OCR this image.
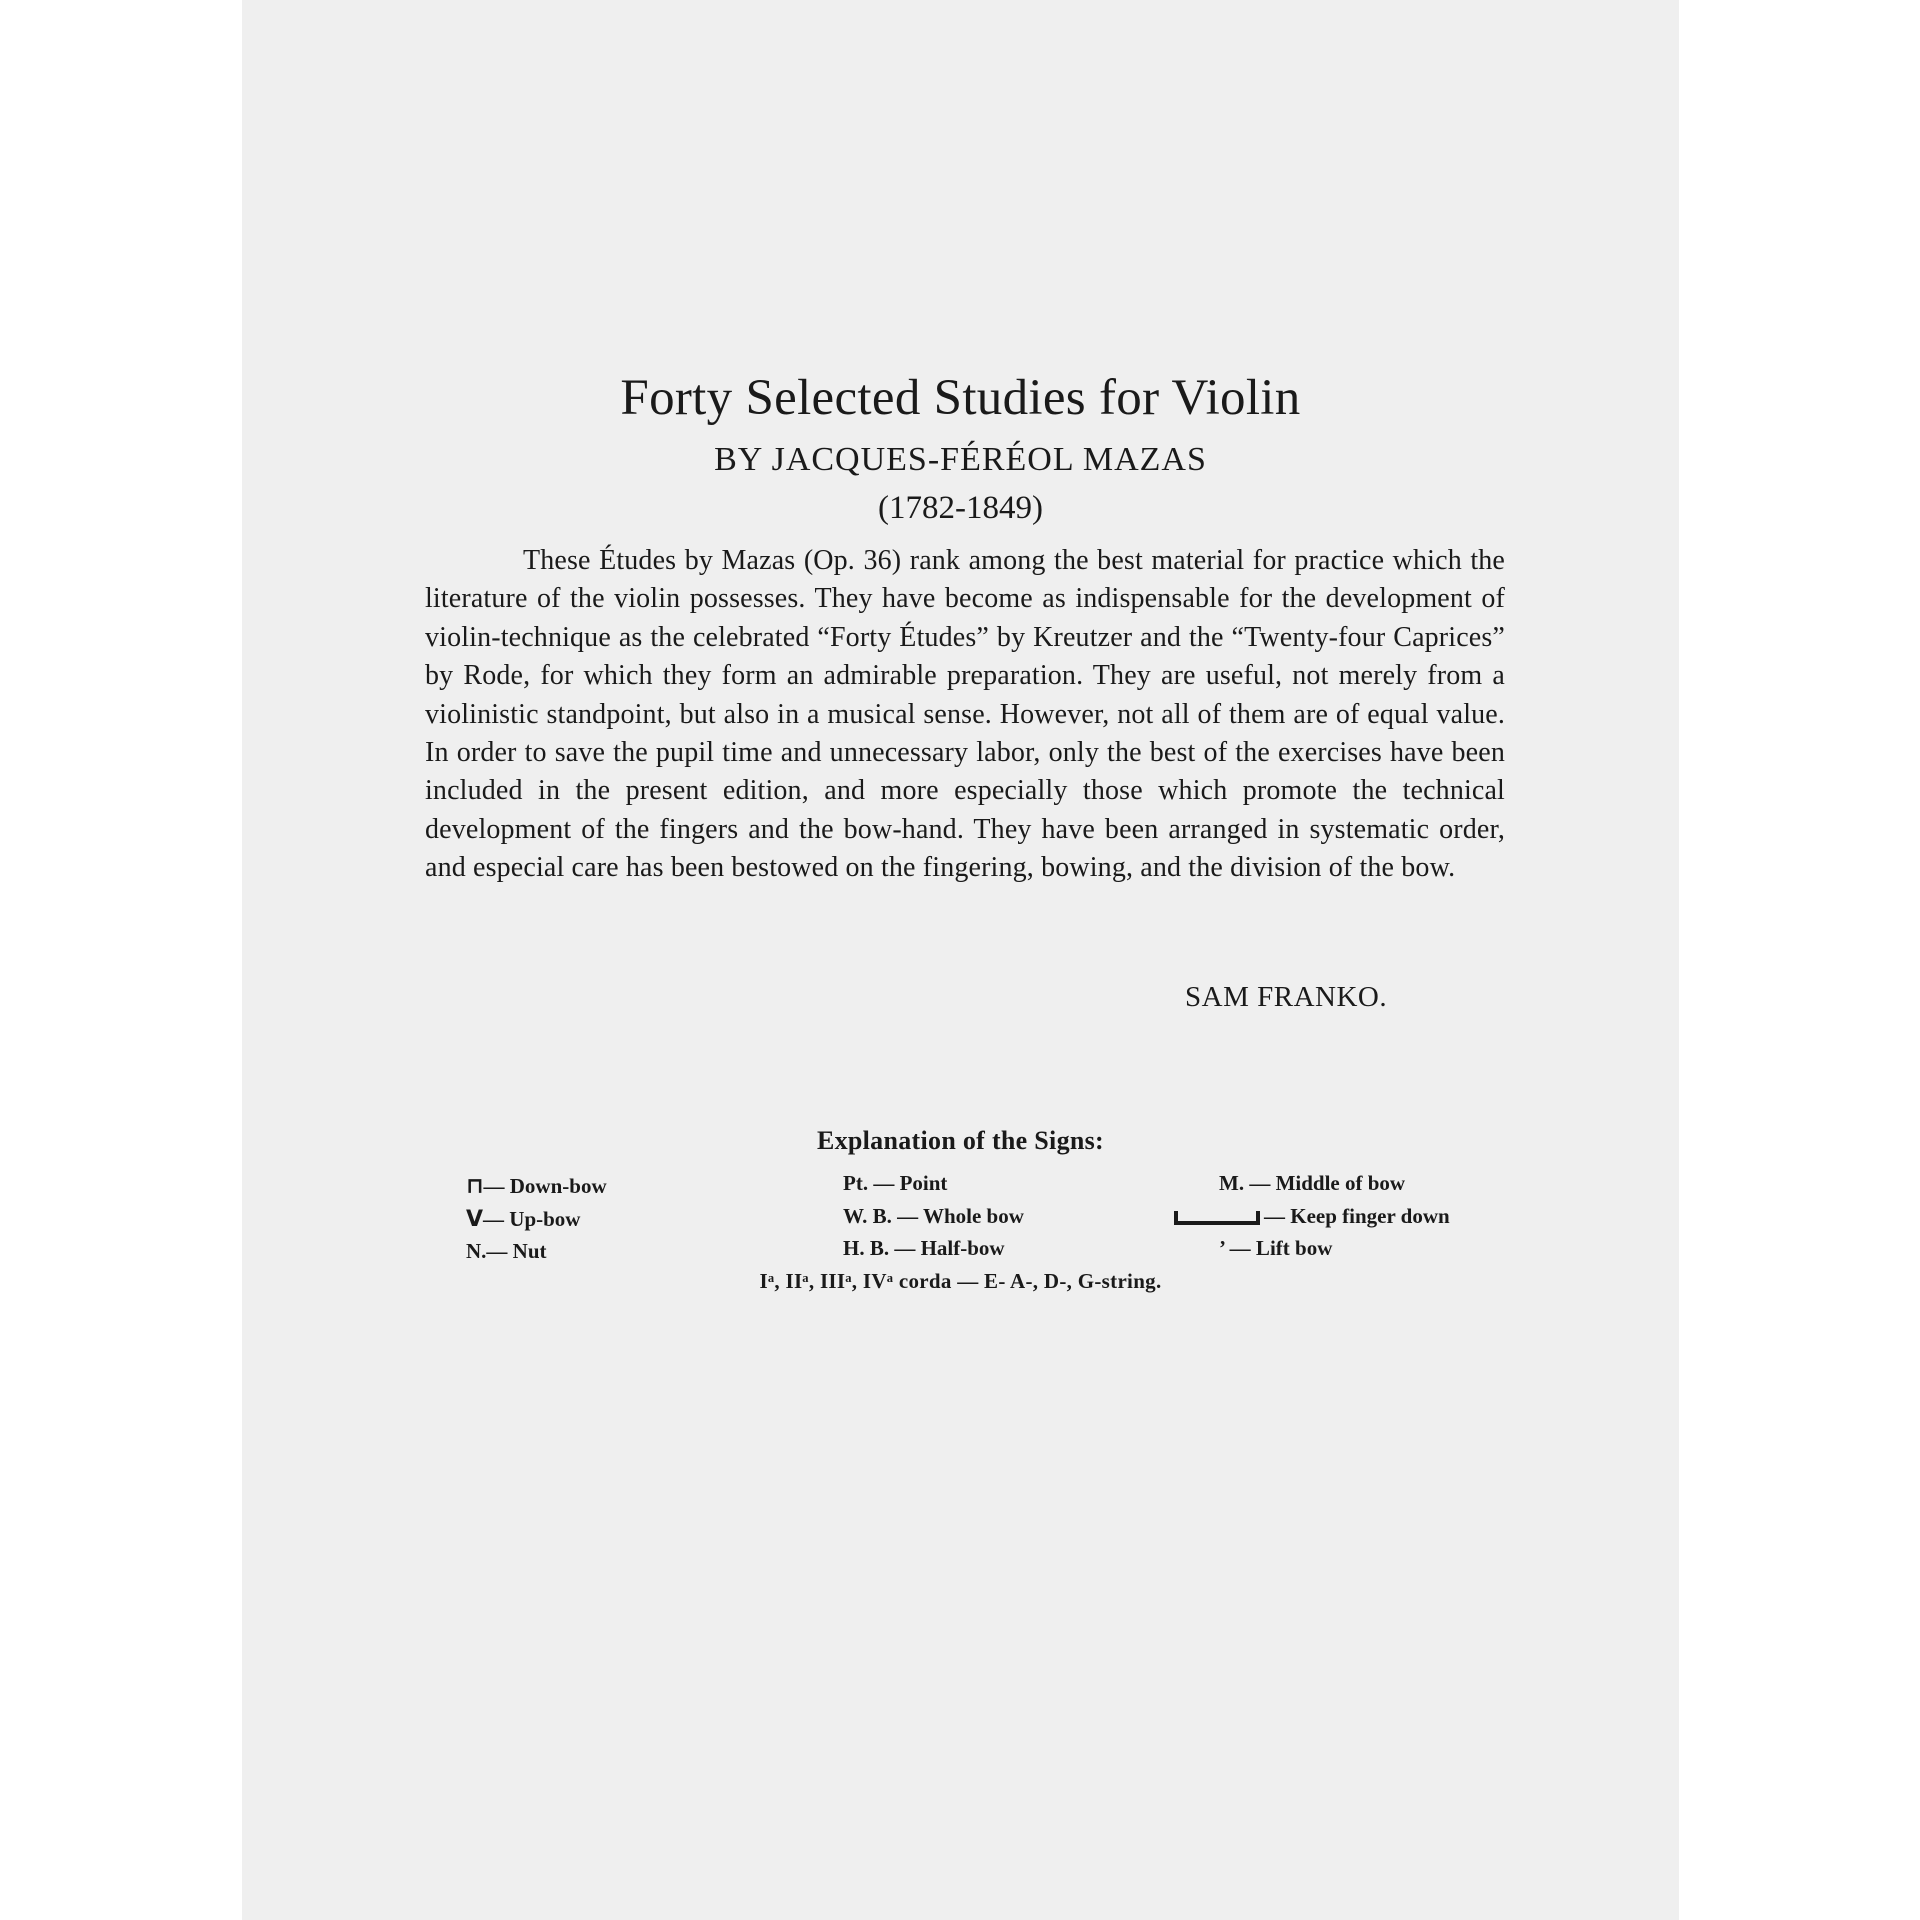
Forty Selected Studies for Violin
BY JACQUES-FÉRÉOL MAZAS
(1782-1849)

These Études by Mazas (Op. 36) rank among the best material for practice which the literature of the violin possesses. They have become as indispensable for the development of violin-technique as the celebrated “Forty Études” by Kreutzer and the “Twenty-four Caprices” by Rode, for which they form an admirable preparation. They are useful, not merely from a violinistic standpoint, but also in a musical sense. However, not all of them are of equal value. In order to save the pupil time and unnecessary labor, only the best of the exercises have been included in the present edition, and more especially those which promote the technical development of the fingers and the bow-hand. They have been arranged in systematic order, and especial care has been bestowed on the fingering, bowing, and the division of the bow.

SAM FRANKO.
Explanation of the Signs:
⊓— Down-bow
V— Up-bow
N.— Nut
Pt. — Point
W. B. — Whole bow
H. B. — Half-bow
M. — Middle of bow
— Keep finger down
’ — Lift bow
Iᵃ, IIᵃ, IIIᵃ, IVᵃ corda — E- A-, D-, G-string.
